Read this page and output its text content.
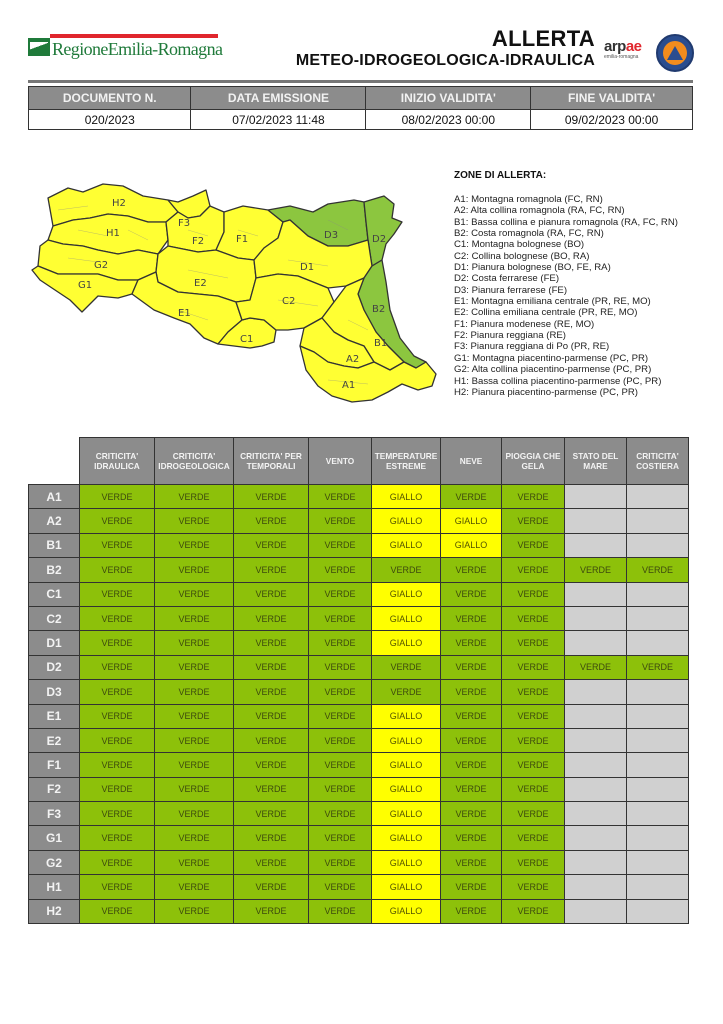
RegioneEmilia-Romagna	ALLERTA
METEO-IDROGEOLOGICA-IDRAULICA
arpae
emilia-romagna
DOCUMENTO N.	DATA EMISSIONE	INIZIO VALIDITA'	FINE VALIDITA'
020/2023	07/02/2023 11:48	08/02/2023 00:00	09/02/2023 00:00
H2
H1
G2
G1
F3
F2	F1
E2
E1
C1
D3	D2
D1
C2
B2
B1
A2
A1
ZONE DI ALLERTA:
A1: Montagna romagnola (FC, RN)
A2: Alta collina romagnola (RA, FC, RN)
B1: Bassa collina e pianura romagnola (RA, FC, RN)
B2: Costa romagnola (RA, FC, RN)
C1: Montagna bolognese (BO)
C2: Collina bolognese (BO, RA)
D1: Pianura bolognese (BO, FE, RA)
D2: Costa ferrarese (FE)
D3: Pianura ferrarese (FE)
E1: Montagna emiliana centrale (PR, RE, MO)
E2: Collina emiliana centrale (PR, RE, MO)
F1: Pianura modenese (RE, MO)
F2: Pianura reggiana (RE)
F3: Pianura reggiana di Po (PR, RE)
G1: Montagna piacentino-parmense (PC, PR)
G2: Alta collina piacentino-parmense (PC, PR)
H1: Bassa collina piacentino-parmense (PC, PR)
H2: Pianura piacentino-parmense (PC, PR)
	CRITICITA' IDRAULICA	CRITICITA' IDROGEOLOGICA	CRITICITA' PER TEMPORALI	VENTO	TEMPERATURE ESTREME	NEVE	PIOGGIA CHE GELA	STATO DEL MARE	CRITICITA' COSTIERA
A1	VERDE	VERDE	VERDE	VERDE	GIALLO	VERDE	VERDE		
A2	VERDE	VERDE	VERDE	VERDE	GIALLO	GIALLO	VERDE		
B1	VERDE	VERDE	VERDE	VERDE	GIALLO	GIALLO	VERDE		
B2	VERDE	VERDE	VERDE	VERDE	VERDE	VERDE	VERDE	VERDE	VERDE
C1	VERDE	VERDE	VERDE	VERDE	GIALLO	VERDE	VERDE		
C2	VERDE	VERDE	VERDE	VERDE	GIALLO	VERDE	VERDE		
D1	VERDE	VERDE	VERDE	VERDE	GIALLO	VERDE	VERDE		
D2	VERDE	VERDE	VERDE	VERDE	VERDE	VERDE	VERDE	VERDE	VERDE
D3	VERDE	VERDE	VERDE	VERDE	VERDE	VERDE	VERDE		
E1	VERDE	VERDE	VERDE	VERDE	GIALLO	VERDE	VERDE		
E2	VERDE	VERDE	VERDE	VERDE	GIALLO	VERDE	VERDE		
F1	VERDE	VERDE	VERDE	VERDE	GIALLO	VERDE	VERDE		
F2	VERDE	VERDE	VERDE	VERDE	GIALLO	VERDE	VERDE		
F3	VERDE	VERDE	VERDE	VERDE	GIALLO	VERDE	VERDE		
G1	VERDE	VERDE	VERDE	VERDE	GIALLO	VERDE	VERDE		
G2	VERDE	VERDE	VERDE	VERDE	GIALLO	VERDE	VERDE		
H1	VERDE	VERDE	VERDE	VERDE	GIALLO	VERDE	VERDE		
H2	VERDE	VERDE	VERDE	VERDE	GIALLO	VERDE	VERDE		
